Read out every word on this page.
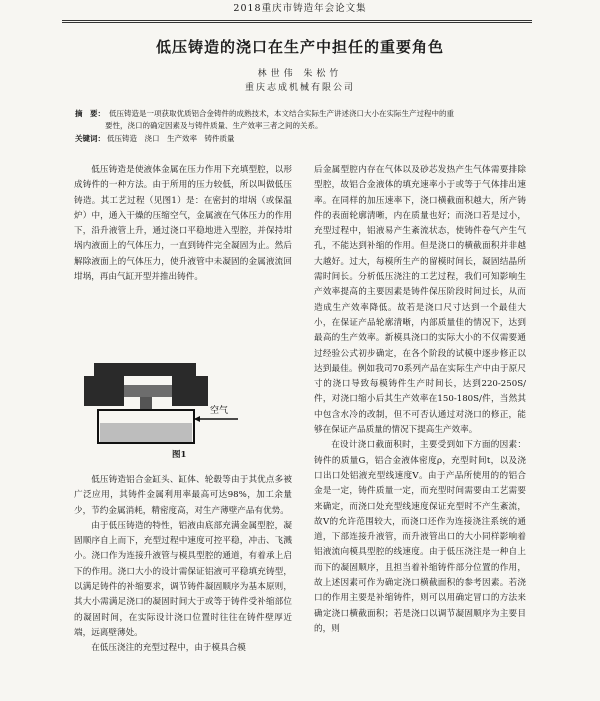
2018重庆市铸造年会论文集
低压铸造的浇口在生产中担任的重要角色
林世伟 朱松竹
重庆志成机械有限公司
摘　要： 低压铸造是一项获取优质铝合金铸件的成熟技术，本文结合实际生产讲述浇口大小在实际生产过程中的重
要性，浇口的确定因素及与铸件质量、生产效率三者之间的关系。
关键词： 低压铸造　浇口　生产效率　铸件质量

低压铸造是使液体金属在压力作用下充填型腔，以形成铸件的一种方法。由于所用的压力较低，所以叫做低压铸造。其工艺过程（见图1）是：在密封的坩埚（或保温炉）中，通入干燥的压缩空气，金属液在气体压力的作用下，沿升液管上升，通过浇口平稳地进入型腔，并保持坩埚内液面上的气体压力，一直到铸件完全凝固为止。然后解除液面上的气体压力，使升液管中未凝固的金属液流回坩埚，再由气缸开型并推出铸件。

空气
图1

低压铸造铝合金缸头、缸体、轮毂等由于其优点多被广泛应用，其铸件金属利用率最高可达98%，加工余量少，节约金属消耗，精密度高，对生产薄壁产品有优势。

由于低压铸造的特性，铝液由底部充满金属型腔，凝固顺序自上而下，充型过程中速度可控平稳，冲击、飞溅小。浇口作为连接升液管与模具型腔的通道，有着承上启下的作用。浇口大小的设计需保证铝液可平稳填充铸型，以满足铸件的补缩要求，调节铸件凝固顺序为基本原则，其大小需满足浇口的凝固时间大于或等于铸件受补缩部位的凝固时间，在实际设计浇口位置时往往在铸件壁厚近端，远离壁薄处。

在低压浇注的充型过程中，由于模具合模

后金属型腔内存在气体以及砂芯发热产生气体需要排除型腔，故铝合金液体的填充速率小于或等于气体排出速率。在同样的加压速率下，浇口横截面积越大，所产铸件的表面轮廓清晰，内在质量也好；而浇口若是过小，充型过程中，铝液易产生紊流状态，使铸件卷气产生气孔，不能达到补缩的作用。但是浇口的横截面积并非越大越好。过大，每模所生产的留模时间长，凝固结晶所需时间长。分析低压浇注的工艺过程，我们可知影响生产效率提高的主要因素是铸件保压阶段时间过长，从而造成生产效率降低。故若是浇口尺寸达到一个最佳大小，在保证产品轮廓清晰，内部质量佳的情况下，达到最高的生产效率。新模具浇口的实际大小的不仅需要通过经验公式初步确定，在各个阶段的试模中逐步修正以达到最佳。例如我司70系列产品在实际生产中由于原尺寸的浇口导致每模铸件生产时间长，达到220-250S/件，对浇口缩小后其生产效率在150-180S/件，当然其中包含水冷的改制，但不可否认通过对浇口的修正，能够在保证产品质量的情况下提高生产效率。

在设计浇口截面积时，主要受到如下方面的因素：铸件的质量G，铝合金液体密度ρ，充型时间t，以及浇口出口处铝液充型线速度V。由于产品所使用的的铝合金是一定，铸件质量一定，而充型时间需要由工艺需要来确定，而浇口处充型线速度保证充型时不产生紊流，故V的允许范围较大，而浇口还作为连接浇注系统的通道，下部连接升液管，而升液管出口的大小同样影响着铝液流向模具型腔的线速度。由于低压浇注是一种自上而下的凝固顺序，且担当着补缩铸件部分位置的作用，故上述因素可作为确定浇口横截面积的参考因素。若浇口的作用主要是补缩铸件，则可以用确定冒口的方法来确定浇口横截面积；若是浇口以调节凝固顺序为主要目的，则
